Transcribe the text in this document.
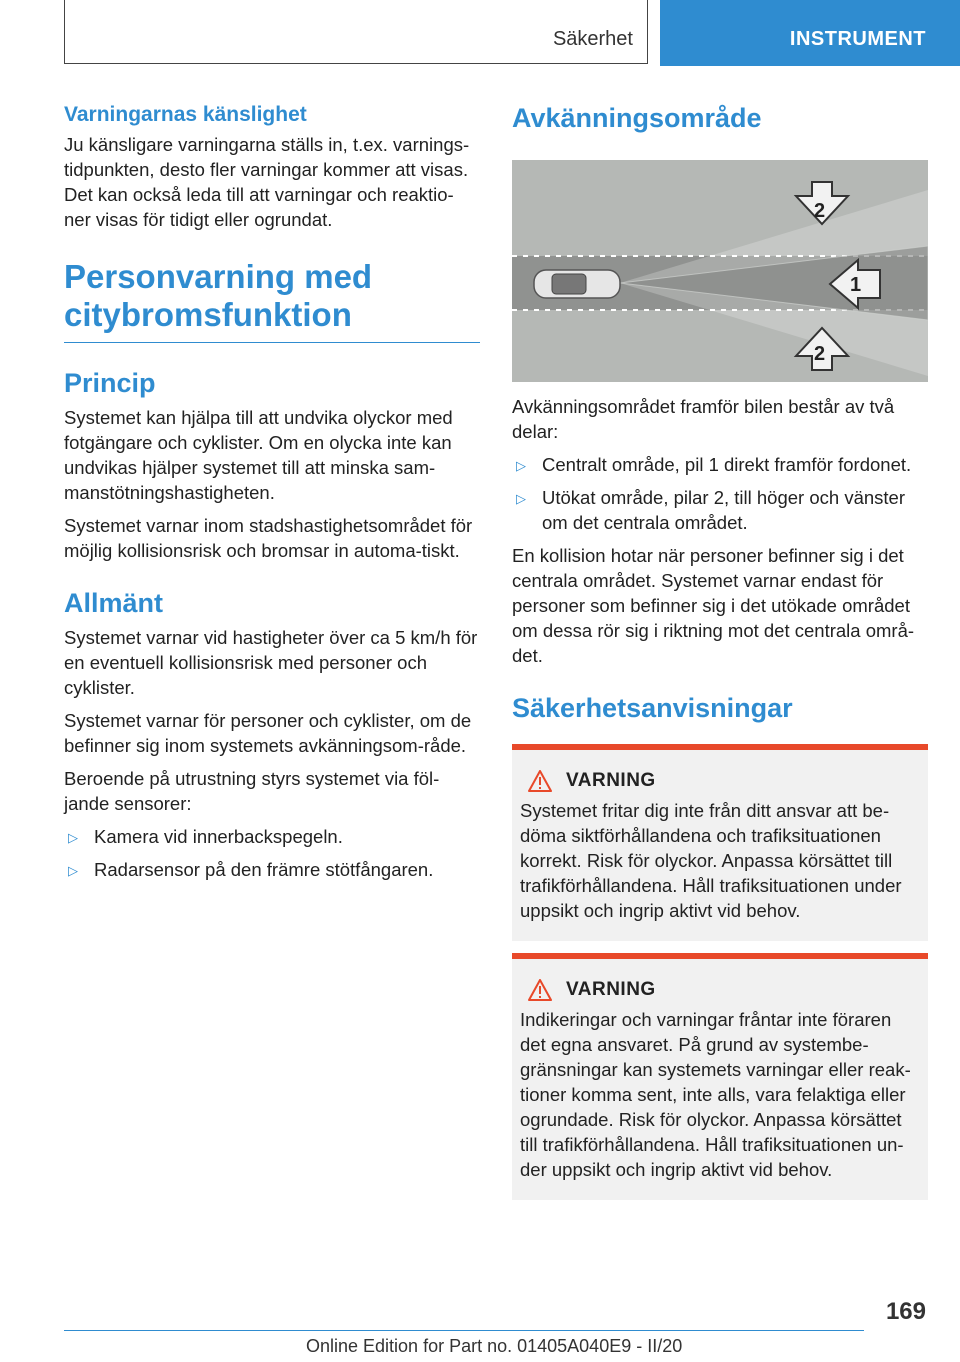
Säkerhet	INSTRUMENT
Varningarnas känslighet

Ju känsligare varningarna ställs in, t.ex. varnings-tidpunkten, desto fler varningar kommer att visas. Det kan också leda till att varningar och reaktio-ner visas för tidigt eller ogrundat.

Personvarning med citybromsfunktion
Princip

Systemet kan hjälpa till att undvika olyckor med fotgängare och cyklister. Om en olycka inte kan undvikas hjälper systemet till att minska sam-manstötningshastigheten.

Systemet varnar inom stadshastighetsområdet för möjlig kollisionsrisk och bromsar in automa-tiskt.

Allmänt

Systemet varnar vid hastigheter över ca 5 km/h för en eventuell kollisionsrisk med personer och cyklister.

Systemet varnar för personer och cyklister, om de befinner sig inom systemets avkänningsom-råde.

Beroende på utrustning styrs systemet via föl-jande sensorer:

▷ Kamera vid innerbackspegeln.
▷ Radarsensor på den främre stötfångaren.
Avkänningsområde
2
1
2

Avkänningsområdet framför bilen består av två delar:

▷ Centralt område, pil 1 direkt framför fordonet.
▷ Utökat område, pilar 2, till höger och vänster om det centrala området.

En kollision hotar när personer befinner sig i det centrala området. Systemet varnar endast för personer som befinner sig i det utökade området om dessa rör sig i riktning mot det centrala områ-det.

Säkerhetsanvisningar
VARNING

Systemet fritar dig inte från ditt ansvar att be-döma siktförhållandena och trafiksituationen korrekt. Risk för olyckor. Anpassa körsättet till trafikförhållandena. Håll trafiksituationen under uppsikt och ingrip aktivt vid behov.

VARNING

Indikeringar och varningar fråntar inte föraren det egna ansvaret. På grund av systembe-gränsningar kan systemets varningar eller reak-tioner komma sent, inte alls, vara felaktiga eller ogrundade. Risk för olyckor. Anpassa körsättet till trafikförhållandena. Håll trafiksituationen un-der uppsikt och ingrip aktivt vid behov.

169
Online Edition for Part no. 01405A040E9 - II/20
